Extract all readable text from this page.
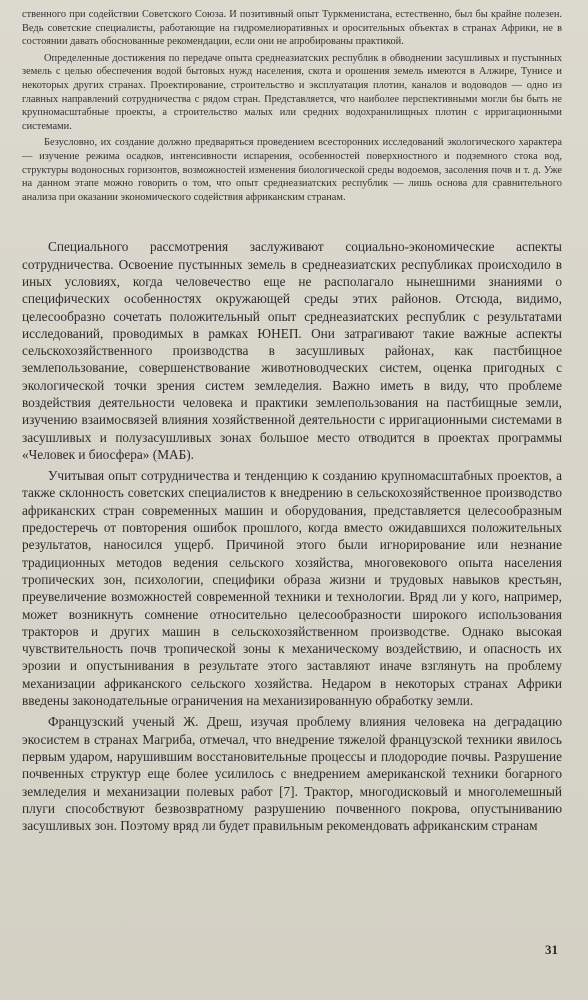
ственного при содействии Советского Союза. И позитивный опыт Туркменистана, естественно, был бы крайне полезен. Ведь советские специалисты, работающие на гидромелиоративных и оросительных объектах в странах Африки, не в состоянии давать обоснованные рекомендации, если они не апробированы практикой.

Определенные достижения по передаче опыта среднеазиатских республик в обводнении засушливых и пустынных земель с целью обеспечения водой бытовых нужд населения, скота и орошения земель имеются в Алжире, Тунисе и некоторых других странах. Проектирование, строительство и эксплуатация плотин, каналов и водоводов — одно из главных направлений сотрудничества с рядом стран. Представляется, что наиболее перспективными могли бы быть не крупномасштабные проекты, а строительство малых или средних водохранилищных плотин с ирригационными системами.

Безусловно, их создание должно предваряться проведением всесторонних исследований экологического характера — изучение режима осадков, интенсивности испарения, особенностей поверхностного и подземного стока вод, структуры водоносных горизонтов, возможностей изменения биологической среды водоемов, засоления почв и т. д. Уже на данном этапе можно говорить о том, что опыт среднеазиатских республик — лишь основа для сравнительного анализа при оказании экономического содействия африканским странам.

Специального рассмотрения заслуживают социально-экономические аспекты сотрудничества. Освоение пустынных земель в среднеазиатских республиках происходило в иных условиях, когда человечество еще не располагало нынешними знаниями о специфических особенностях окружающей среды этих районов. Отсюда, видимо, целесообразно сочетать положительный опыт среднеазиатских республик с результатами исследований, проводимых в рамках ЮНЕП. Они затрагивают такие важные аспекты сельскохозяйственного производства в засушливых районах, как пастбищное землепользование, совершенствование животноводческих систем, оценка пригодных с экологической точки зрения систем земледелия. Важно иметь в виду, что проблеме воздействия деятельности человека и практики землепользования на пастбищные земли, изучению взаимосвязей влияния хозяйственной деятельности с ирригационными системами в засушливых и полузасушливых зонах большое место отводится в проектах программы «Человек и биосфера» (МАБ).

Учитывая опыт сотрудничества и тенденцию к созданию крупномасштабных проектов, а также склонность советских специалистов к внедрению в сельскохозяйственное производство африканских стран современных машин и оборудования, представляется целесообразным предостеречь от повторения ошибок прошлого, когда вместо ожидавшихся положительных результатов, наносился ущерб. Причиной этого были игнорирование или незнание традиционных методов ведения сельского хозяйства, многовекового опыта населения тропических зон, психологии, специфики образа жизни и трудовых навыков крестьян, преувеличение возможностей современной техники и технологии. Вряд ли у кого, например, может возникнуть сомнение относительно целесообразности широкого использования тракторов и других машин в сельскохозяйственном производстве. Однако высокая чувствительность почв тропической зоны к механическому воздействию, и опасность их эрозии и опустынивания в результате этого заставляют иначе взглянуть на проблему механизации африканского сельского хозяйства. Недаром в некоторых странах Африки введены законодательные ограничения на механизированную обработку земли.

Французский ученый Ж. Дреш, изучая проблему влияния человека на деградацию экосистем в странах Магриба, отмечал, что внедрение тяжелой французской техники явилось первым ударом, нарушившим восстановительные процессы и плодородие почвы. Разрушение почвенных структур еще более усилилось с внедрением американской техники богарного земледелия и механизации полевых работ [7]. Трактор, многодисковый и многолемешный плуги способствуют безвозвратному разрушению почвенного покрова, опустыниванию засушливых зон. Поэтому вряд ли будет правильным рекомендовать африканским странам

31
